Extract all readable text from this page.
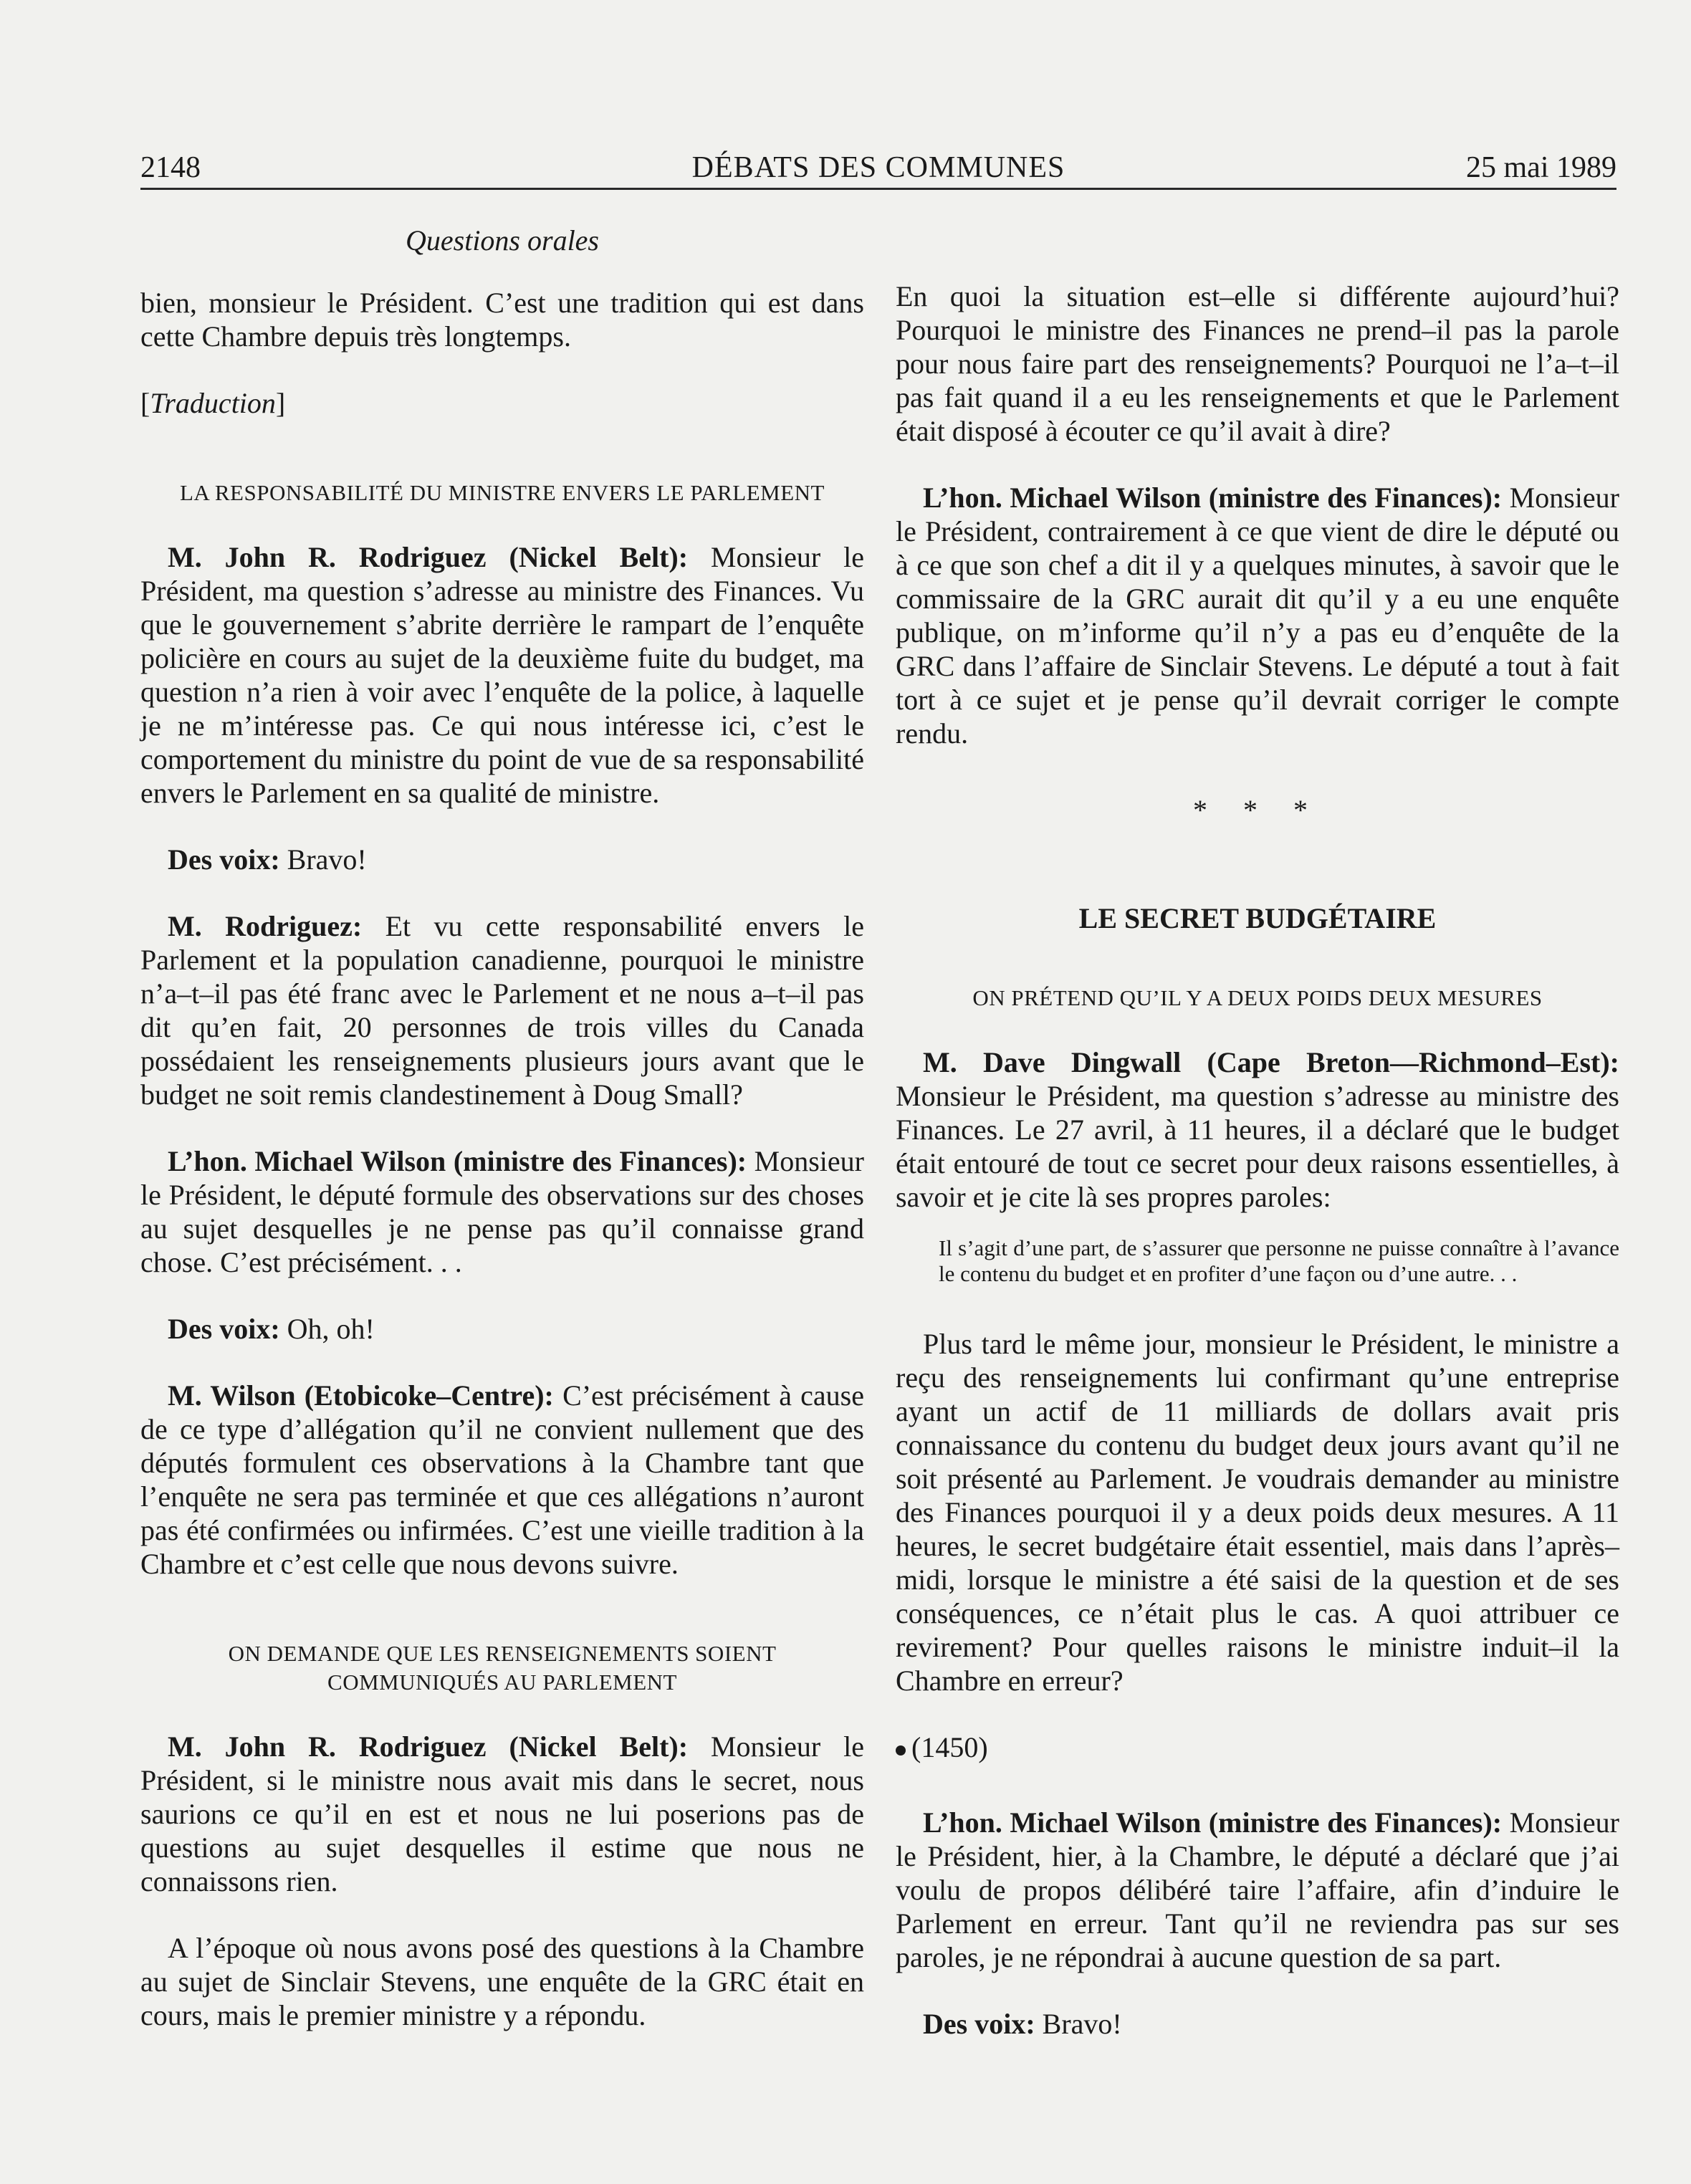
2148	DÉBATS DES COMMUNES	25 mai 1989
Questions orales

bien, monsieur le Président. C’est une tradition qui est dans cette Chambre depuis très longtemps.

[Traduction]

LA RESPONSABILITÉ DU MINISTRE ENVERS LE PARLEMENT

M. John R. Rodriguez (Nickel Belt): Monsieur le Président, ma question s’adresse au ministre des Finances. Vu que le gouvernement s’abrite derrière le rampart de l’enquête policière en cours au sujet de la deuxième fuite du budget, ma question n’a rien à voir avec l’enquête de la police, à laquelle je ne m’intéresse pas. Ce qui nous intéresse ici, c’est le comportement du ministre du point de vue de sa responsabilité envers le Parlement en sa qualité de ministre.

Des voix: Bravo!

M. Rodriguez: Et vu cette responsabilité envers le Parlement et la population canadienne, pourquoi le ministre n’a–t–il pas été franc avec le Parlement et ne nous a–t–il pas dit qu’en fait, 20 personnes de trois villes du Canada possédaient les renseignements plusieurs jours avant que le budget ne soit remis clandestinement à Doug Small?

L’hon. Michael Wilson (ministre des Finances): Monsieur le Président, le député formule des observations sur des choses au sujet desquelles je ne pense pas qu’il connaisse grand chose. C’est précisément. . .

Des voix: Oh, oh!

M. Wilson (Etobicoke–Centre): C’est précisément à cause de ce type d’allégation qu’il ne convient nullement que des députés formulent ces observations à la Chambre tant que l’enquête ne sera pas terminée et que ces allégations n’auront pas été confirmées ou infirmées. C’est une vieille tradition à la Chambre et c’est celle que nous devons suivre.

ON DEMANDE QUE LES RENSEIGNEMENTS SOIENT COMMUNIQUÉS AU PARLEMENT

M. John R. Rodriguez (Nickel Belt): Monsieur le Président, si le ministre nous avait mis dans le secret, nous saurions ce qu’il en est et nous ne lui poserions pas de questions au sujet desquelles il estime que nous ne connaissons rien.

A l’époque où nous avons posé des questions à la Chambre au sujet de Sinclair Stevens, une enquête de la GRC était en cours, mais le premier ministre y a répondu.

En quoi la situation est–elle si différente aujourd’hui? Pourquoi le ministre des Finances ne prend–il pas la parole pour nous faire part des renseignements? Pourquoi ne l’a–t–il pas fait quand il a eu les renseignements et que le Parlement était disposé à écouter ce qu’il avait à dire?

L’hon. Michael Wilson (ministre des Finances): Monsieur le Président, contrairement à ce que vient de dire le député ou à ce que son chef a dit il y a quelques minutes, à savoir que le commissaire de la GRC aurait dit qu’il y a eu une enquête publique, on m’informe qu’il n’y a pas eu d’enquête de la GRC dans l’affaire de Sinclair Stevens. Le député a tout à fait tort à ce sujet et je pense qu’il devrait corriger le compte rendu.

* * *
LE SECRET BUDGÉTAIRE
ON PRÉTEND QU’IL Y A DEUX POIDS DEUX MESURES

M. Dave Dingwall (Cape Breton—Richmond–Est): Monsieur le Président, ma question s’adresse au ministre des Finances. Le 27 avril, à 11 heures, il a déclaré que le budget était entouré de tout ce secret pour deux raisons essentielles, à savoir et je cite là ses propres paroles:

Il s’agit d’une part, de s’assurer que personne ne puisse connaître à l’avance le contenu du budget et en profiter d’une façon ou d’une autre. . .

Plus tard le même jour, monsieur le Président, le ministre a reçu des renseignements lui confirmant qu’une entreprise ayant un actif de 11 milliards de dollars avait pris connaissance du contenu du budget deux jours avant qu’il ne soit présenté au Parlement. Je voudrais demander au ministre des Finances pourquoi il y a deux poids deux mesures. A 11 heures, le secret budgétaire était essentiel, mais dans l’après–midi, lorsque le ministre a été saisi de la question et de ses conséquences, ce n’était plus le cas. A quoi attribuer ce revirement? Pour quelles raisons le ministre induit–il la Chambre en erreur?

(1450)

L’hon. Michael Wilson (ministre des Finances): Monsieur le Président, hier, à la Chambre, le député a déclaré que j’ai voulu de propos délibéré taire l’affaire, afin d’induire le Parlement en erreur. Tant qu’il ne reviendra pas sur ses paroles, je ne répondrai à aucune question de sa part.

Des voix: Bravo!
